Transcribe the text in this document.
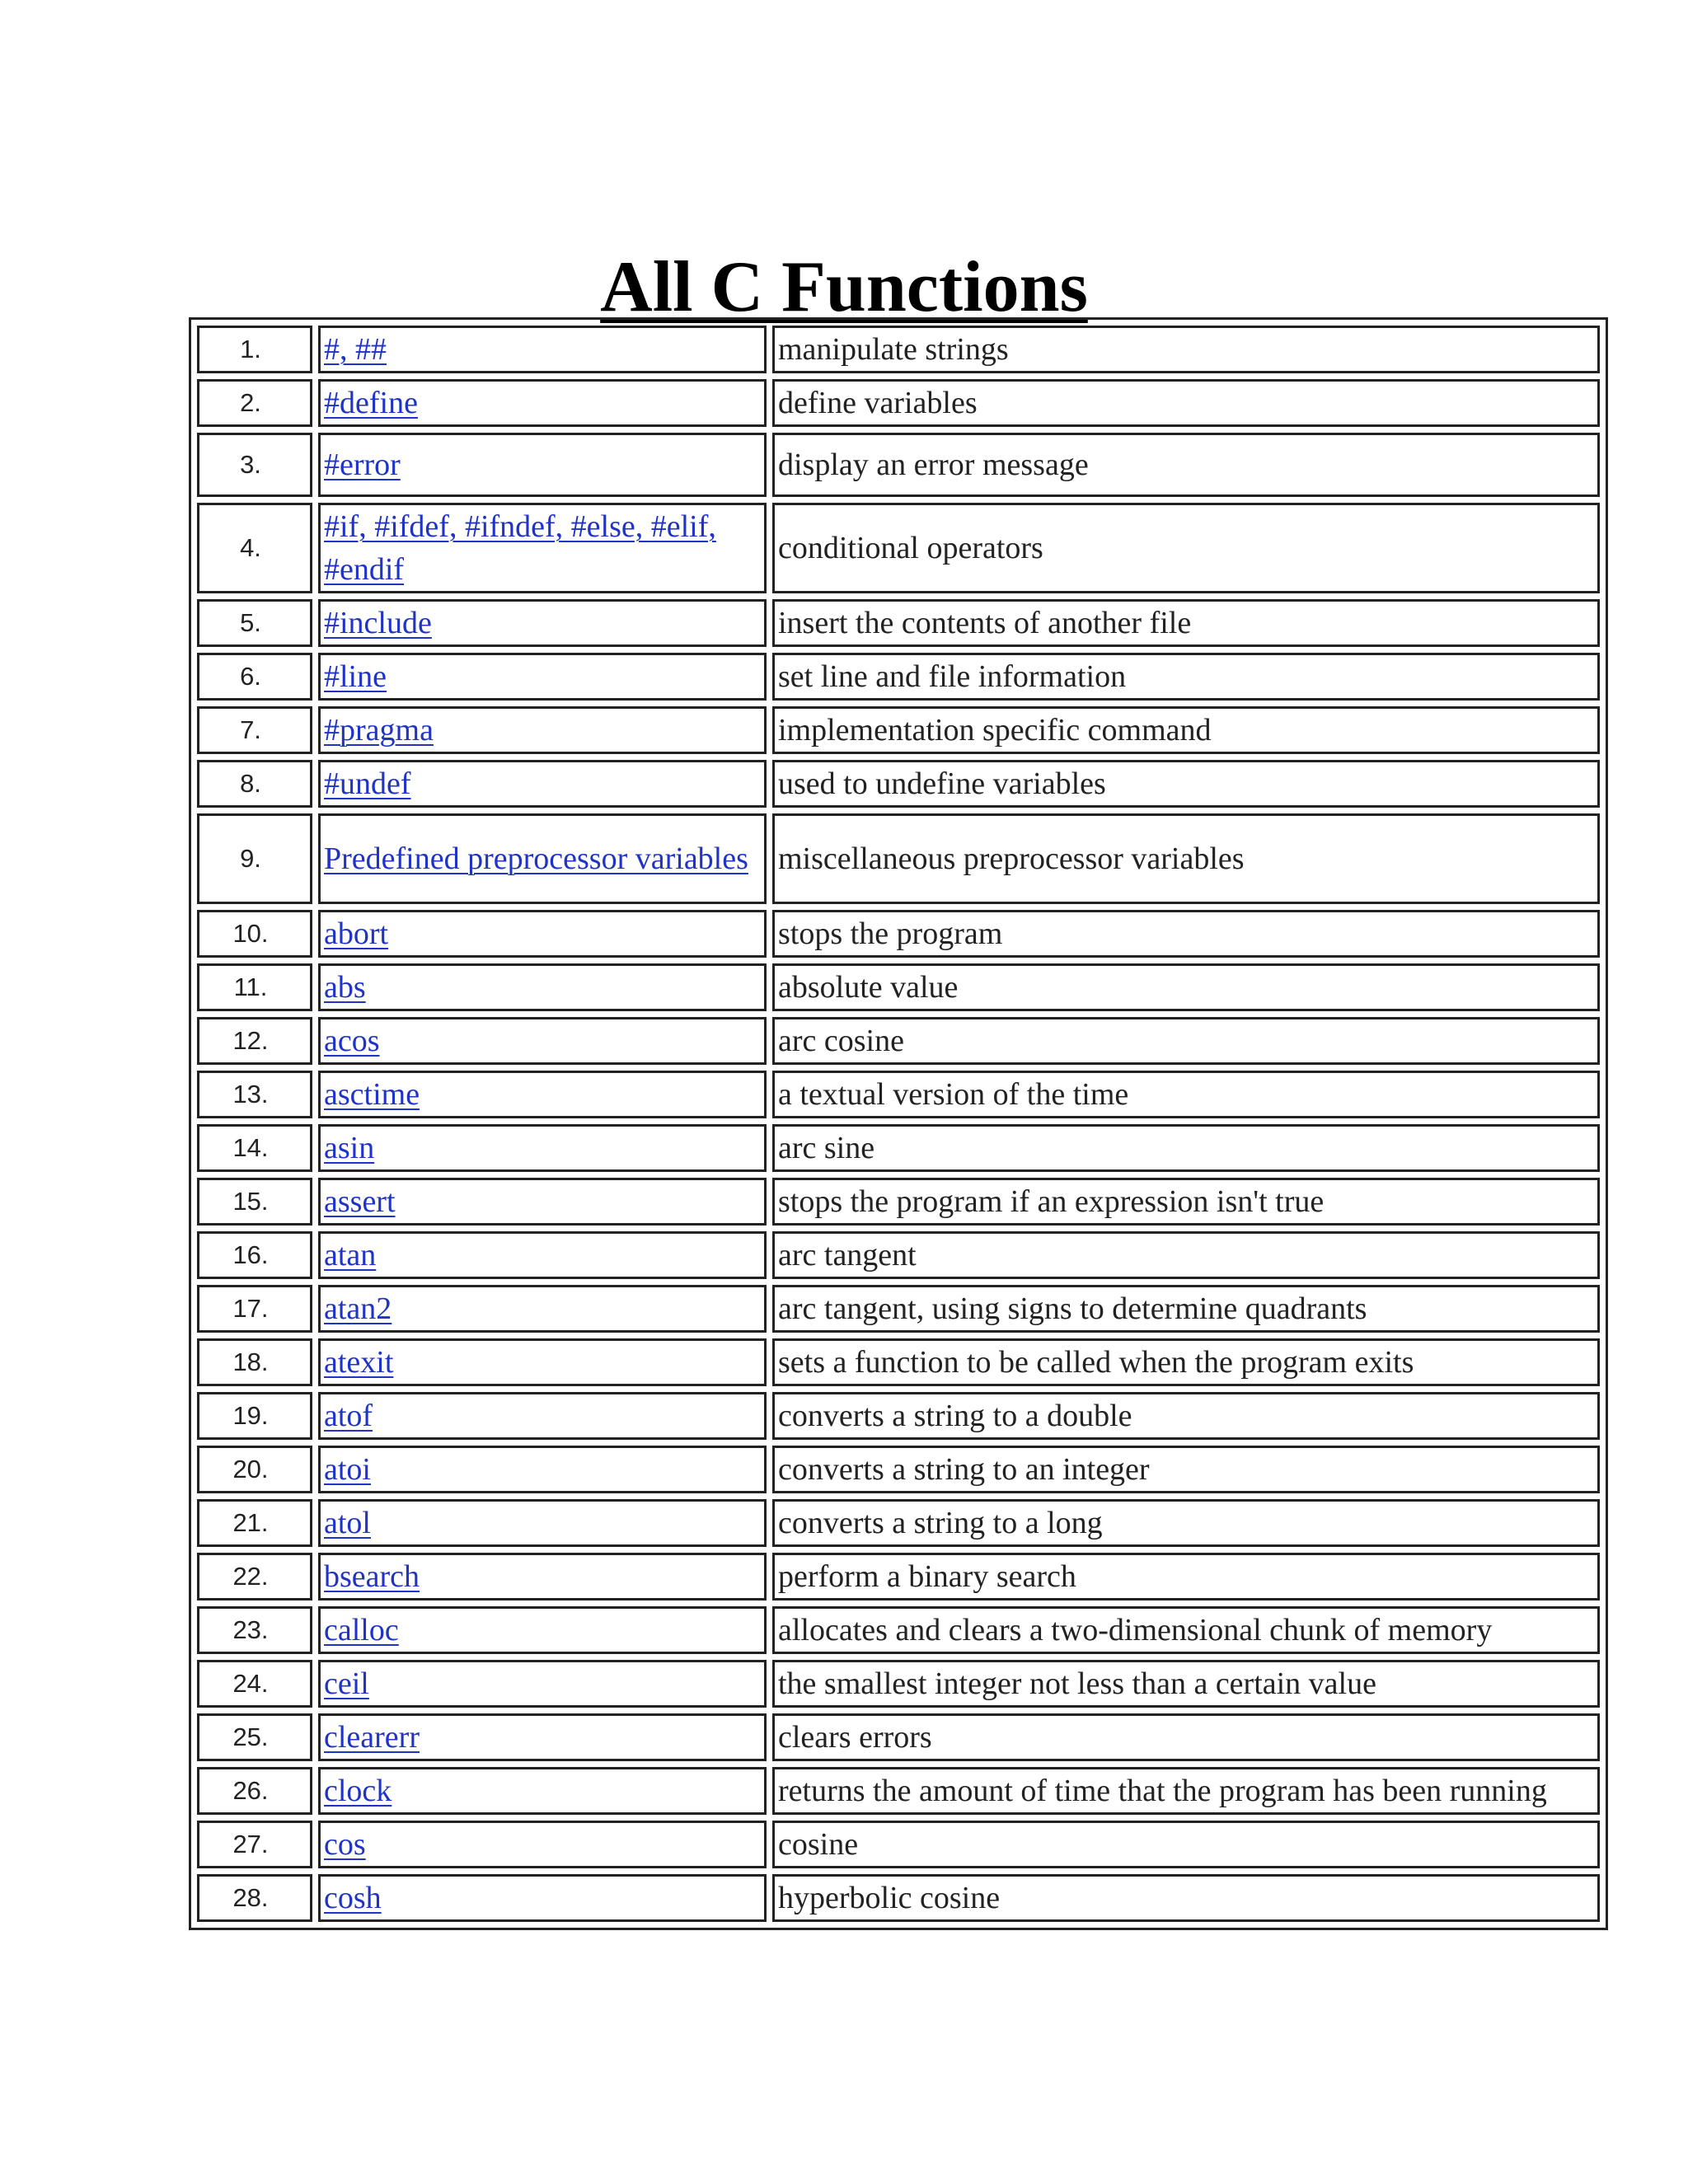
All C Functions
1.	#, ##	manipulate strings
2.	#define	define variables
3.	#error	display an error message
4.	#if, #ifdef, #ifndef, #else, #elif, #endif	conditional operators
5.	#include	insert the contents of another file
6.	#line	set line and file information
7.	#pragma	implementation specific command
8.	#undef	used to undefine variables
9.	Predefined preprocessor variables	miscellaneous preprocessor variables
10.	abort	stops the program
11.	abs	absolute value
12.	acos	arc cosine
13.	asctime	a textual version of the time
14.	asin	arc sine
15.	assert	stops the program if an expression isn't true
16.	atan	arc tangent
17.	atan2	arc tangent, using signs to determine quadrants
18.	atexit	sets a function to be called when the program exits
19.	atof	converts a string to a double
20.	atoi	converts a string to an integer
21.	atol	converts a string to a long
22.	bsearch	perform a binary search
23.	calloc	allocates and clears a two-dimensional chunk of memory
24.	ceil	the smallest integer not less than a certain value
25.	clearerr	clears errors
26.	clock	returns the amount of time that the program has been running
27.	cos	cosine
28.	cosh	hyperbolic cosine
